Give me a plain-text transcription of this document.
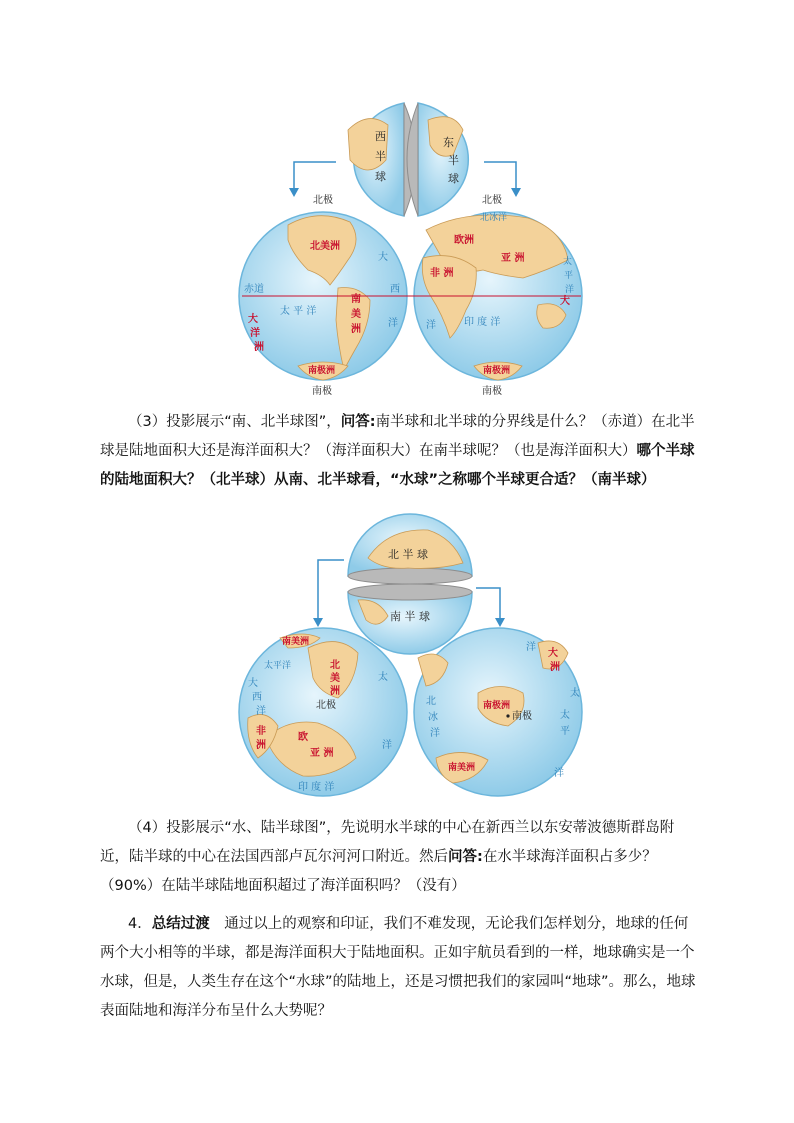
西
半
球
东
半
球
北极	北极
赤道
北美洲
南
美
洲
南极洲
欧洲
亚 洲
非 洲
大
南极洲
北冰洋
大
西
洋
大
洋
洲
太 平 洋
印 度 洋
洋
平
洋
太
南极	南极

（3）投影展示“南、北半球图”，问答:南半球和北半球的分界线是什么？（赤道）在北半球是陆地面积大还是海洋面积大？（海洋面积大）在南半球呢？（也是海洋面积大）哪个半球的陆地面积大？（北半球）从南、北半球看，“水球”之称哪个半球更合适？（南半球）

北 半 球
南 半 球
南美洲
北
美
洲
北极
欧
亚 洲
非
洲
大
西
洋
太平洋
太
印 度 洋
洋
南极洲
南极
大
洲
南美洲
北
冰
洋
太
平
洋
洋
太

（4）投影展示“水、陆半球图”，先说明水半球的中心在新西兰以东安蒂波德斯群岛附近，陆半球的中心在法国西部卢瓦尔河河口附近。然后问答:在水半球海洋面积占多少？（90%）在陆半球陆地面积超过了海洋面积吗？（没有）

4．总结过渡　通过以上的观察和印证，我们不难发现，无论我们怎样划分，地球的任何两个大小相等的半球，都是海洋面积大于陆地面积。正如宇航员看到的一样，地球确实是一个水球，但是，人类生存在这个“水球”的陆地上，还是习惯把我们的家园叫“地球”。那么，地球表面陆地和海洋分布呈什么大势呢？
